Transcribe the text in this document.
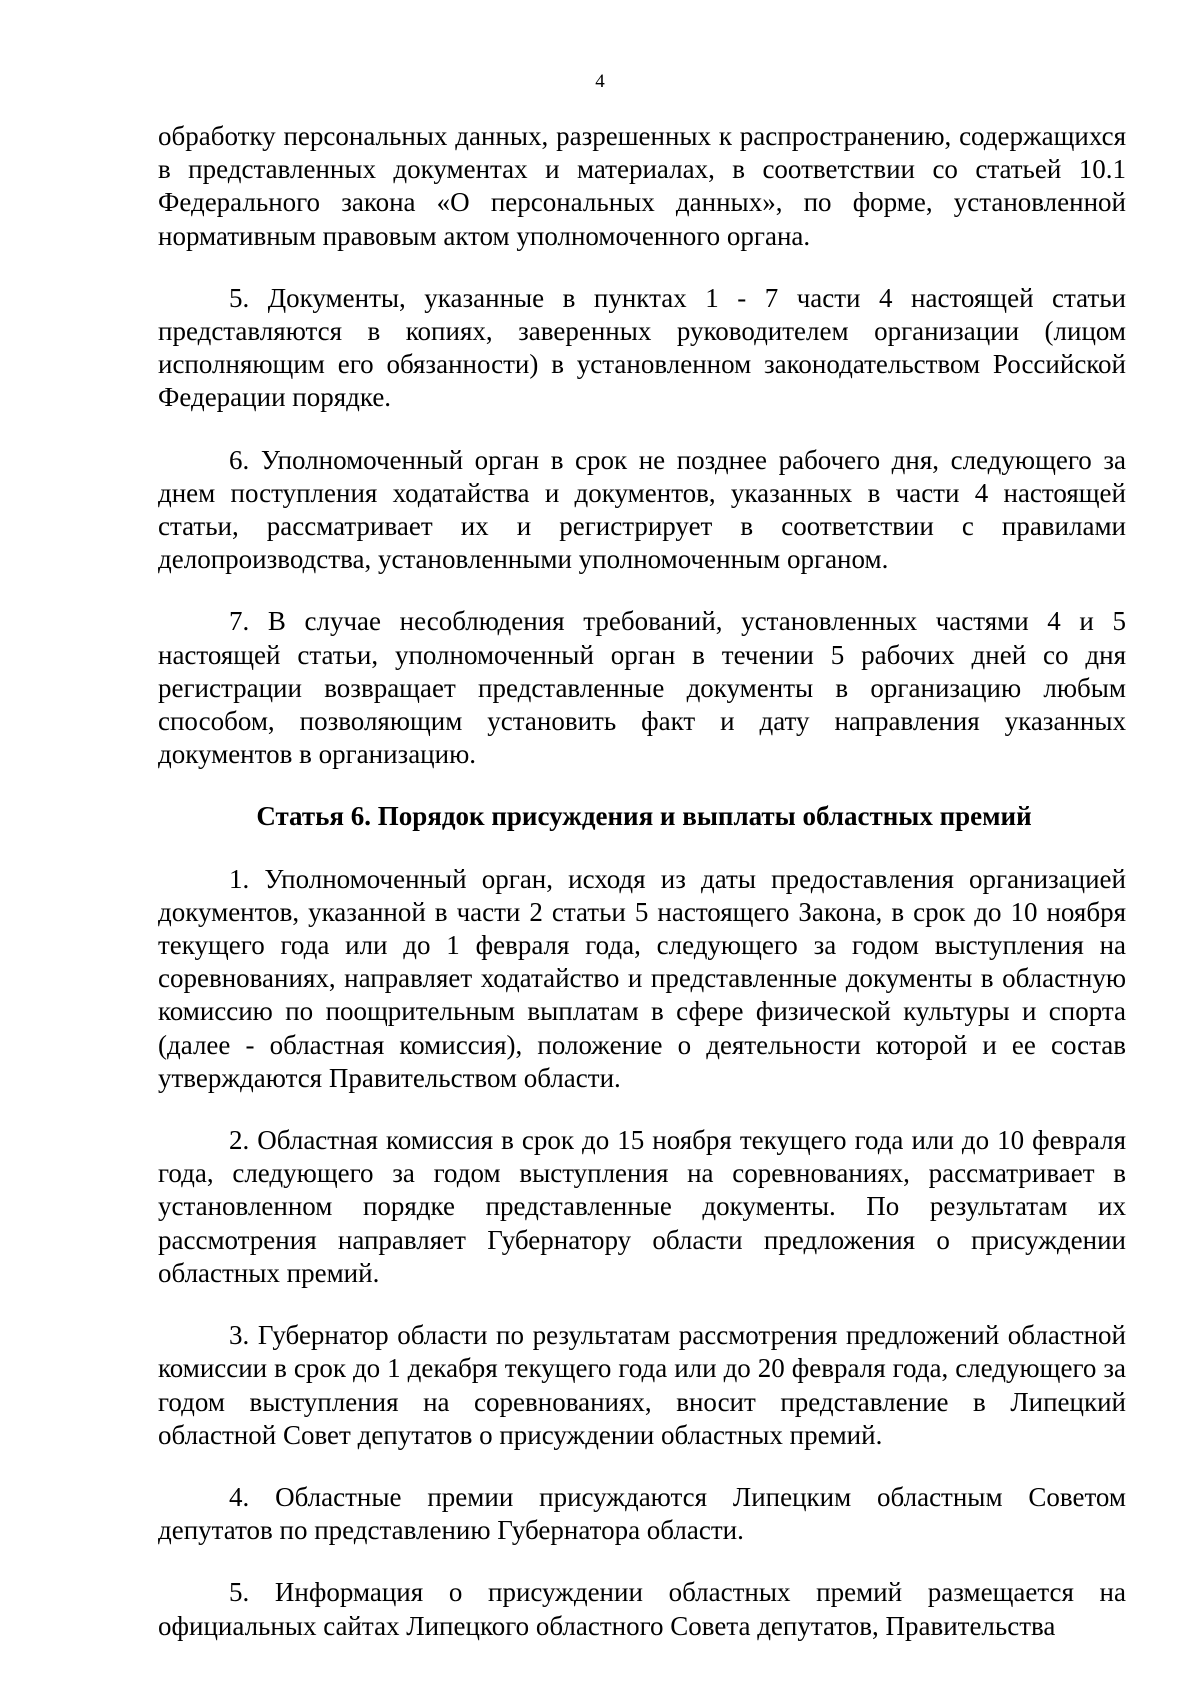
4

обработку персональных данных, разрешенных к распространению, содержащихся в представленных документах и материалах, в соответствии со статьей 10.1 Федерального закона «О персональных данных», по форме, установленной нормативным правовым актом уполномоченного органа.

5. Документы, указанные в пунктах 1 - 7 части 4 настоящей статьи представляются в копиях, заверенных руководителем организации (лицом исполняющим его обязанности) в установленном законодательством Российской Федерации порядке.

6. Уполномоченный орган в срок не позднее рабочего дня, следующего за днем поступления ходатайства и документов, указанных в части 4 настоящей статьи, рассматривает их и регистрирует в соответствии с правилами делопроизводства, установленными уполномоченным органом.

7. В случае несоблюдения требований, установленных частями 4 и 5 настоящей статьи, уполномоченный орган в течении 5 рабочих дней со дня регистрации возвращает представленные документы в организацию любым способом, позволяющим установить факт и дату направления указанных документов в организацию.

Статья 6. Порядок присуждения и выплаты областных премий

1. Уполномоченный орган, исходя из даты предоставления организацией документов, указанной в части 2 статьи 5 настоящего Закона, в срок до 10 ноября текущего года или до 1 февраля года, следующего за годом выступления на соревнованиях, направляет ходатайство и представленные документы в областную комиссию по поощрительным выплатам в сфере физической культуры и спорта (далее - областная комиссия), положение о деятельности которой и ее состав утверждаются Правительством области.

2. Областная комиссия в срок до 15 ноября текущего года или до 10 февраля года, следующего за годом выступления на соревнованиях, рассматривает в установленном порядке представленные документы. По результатам их рассмотрения направляет Губернатору области предложения о присуждении областных премий.

3. Губернатор области по результатам рассмотрения предложений областной комиссии в срок до 1 декабря текущего года или до 20 февраля года, следующего за годом выступления на соревнованиях, вносит представление в Липецкий областной Совет депутатов о присуждении областных премий.

4. Областные премии присуждаются Липецким областным Советом депутатов по представлению Губернатора области.

5. Информация о присуждении областных премий размещается на официальных сайтах Липецкого областного Совета депутатов, Правительства
